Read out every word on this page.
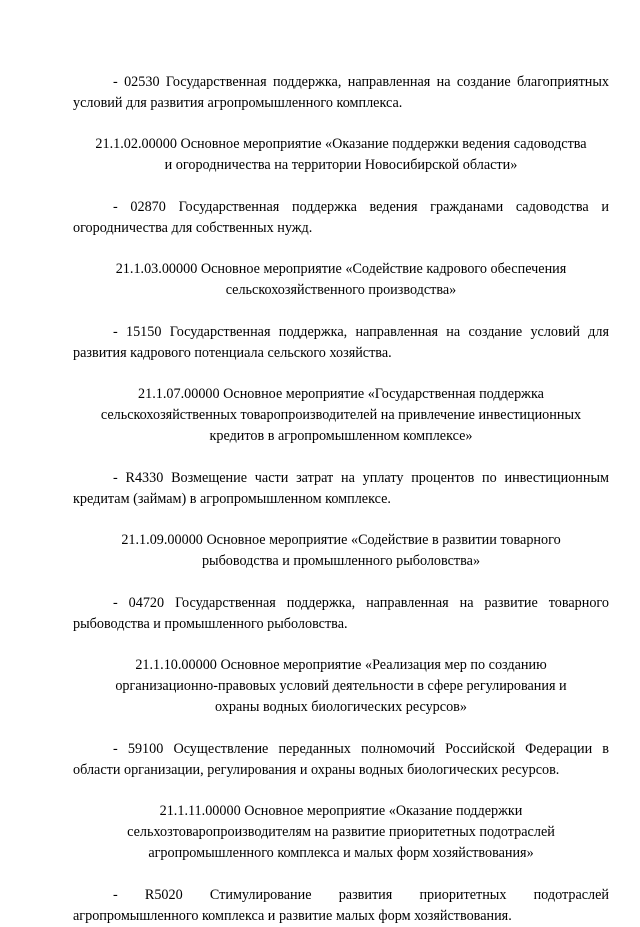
- 02530 Государственная поддержка, направленная на создание благоприятных условий для развития агропромышленного комплекса.

21.1.02.00000 Основное мероприятие «Оказание поддержки ведения садоводства и огородничества на территории Новосибирской области»

- 02870 Государственная поддержка ведения гражданами садоводства и огородничества для собственных нужд.

21.1.03.00000 Основное мероприятие «Содействие кадрового обеспечения сельскохозяйственного производства»

- 15150 Государственная поддержка, направленная на создание условий для развития кадрового потенциала сельского хозяйства.

21.1.07.00000 Основное мероприятие «Государственная поддержка сельскохозяйственных товаропроизводителей на привлечение инвестиционных кредитов в агропромышленном комплексе»

- R4330 Возмещение части затрат на уплату процентов по инвестиционным кредитам (займам) в агропромышленном комплексе.

21.1.09.00000 Основное мероприятие «Содействие в развитии товарного рыбоводства и промышленного рыболовства»

- 04720 Государственная поддержка, направленная на развитие товарного рыбоводства и промышленного рыболовства.

21.1.10.00000 Основное мероприятие «Реализация мер по созданию организационно-правовых условий деятельности в сфере регулирования и охраны водных биологических ресурсов»

- 59100 Осуществление переданных полномочий Российской Федерации в области организации, регулирования и охраны водных биологических ресурсов.

21.1.11.00000 Основное мероприятие «Оказание поддержки сельхозтоваропроизводителям на развитие приоритетных подотраслей агропромышленного комплекса и малых форм хозяйствования»

- R5020 Стимулирование развития приоритетных подотраслей агропромышленного комплекса и развитие малых форм хозяйствования.
